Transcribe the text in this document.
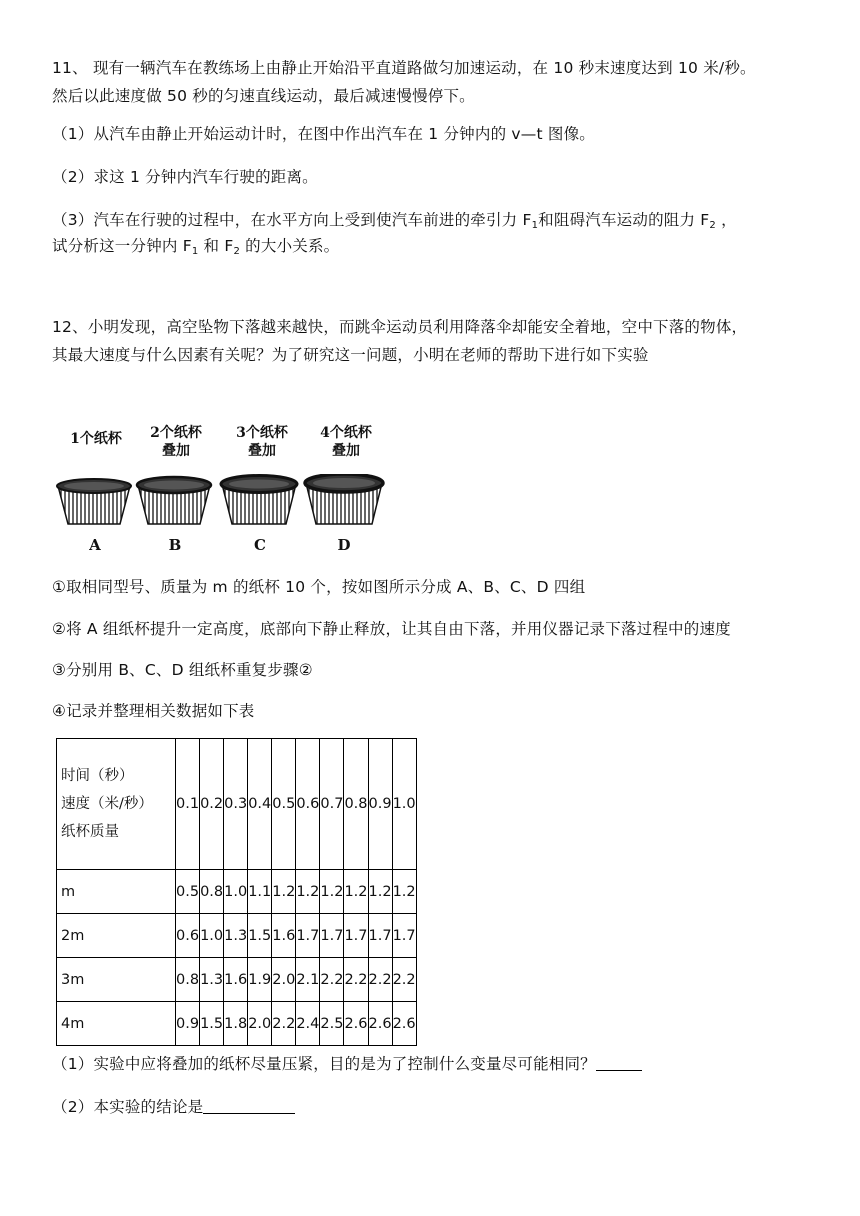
11、 现有一辆汽车在教练场上由静止开始沿平直道路做匀加速运动，在 10 秒末速度达到 10 米/秒。
然后以此速度做 50 秒的匀速直线运动，最后减速慢慢停下。
（1）从汽车由静止开始运动计时，在图中作出汽车在 1 分钟内的 v—t 图像。
（2）求这 1 分钟内汽车行驶的距离。
（3）汽车在行驶的过程中，在水平方向上受到使汽车前进的牵引力 $F_1$和阻碍汽车运动的阻力 $F_2$ ，
试分析这一分钟内 $F_1$ 和 $F_2$ 的大小关系。
12、小明发现，高空坠物下落越来越快，而跳伞运动员利用降落伞却能安全着地，空中下落的物体，
其最大速度与什么因素有关呢？为了研究这一问题，小明在老师的帮助下进行如下实验
1个纸杯	2个纸杯
叠加
3个纸杯
叠加
4个纸杯
叠加
A	B	C	D
①取相同型号、质量为 m 的纸杯 10 个，按如图所示分成 A、B、C、D 四组
②将 A 组纸杯提升一定高度，底部向下静止释放，让其自由下落，并用仪器记录下落过程中的速度
③分别用 B、C、D 组纸杯重复步骤②
④记录并整理相关数据如下表
时间（秒）
速度（米/秒）
纸杯质量	0.1	0.2	0.3	0.4	0.5	0.6	0.7	0.8	0.9	1.0
m	0.5	0.8	1.0	1.1	1.2	1.2	1.2	1.2	1.2	1.2
2m	0.6	1.0	1.3	1.5	1.6	1.7	1.7	1.7	1.7	1.7
3m	0.8	1.3	1.6	1.9	2.0	2.1	2.2	2.2	2.2	2.2
4m	0.9	1.5	1.8	2.0	2.2	2.4	2.5	2.6	2.6	2.6
（1）实验中应将叠加的纸杯尽量压紧，目的是为了控制什么变量尽可能相同？
（2）本实验的结论是
